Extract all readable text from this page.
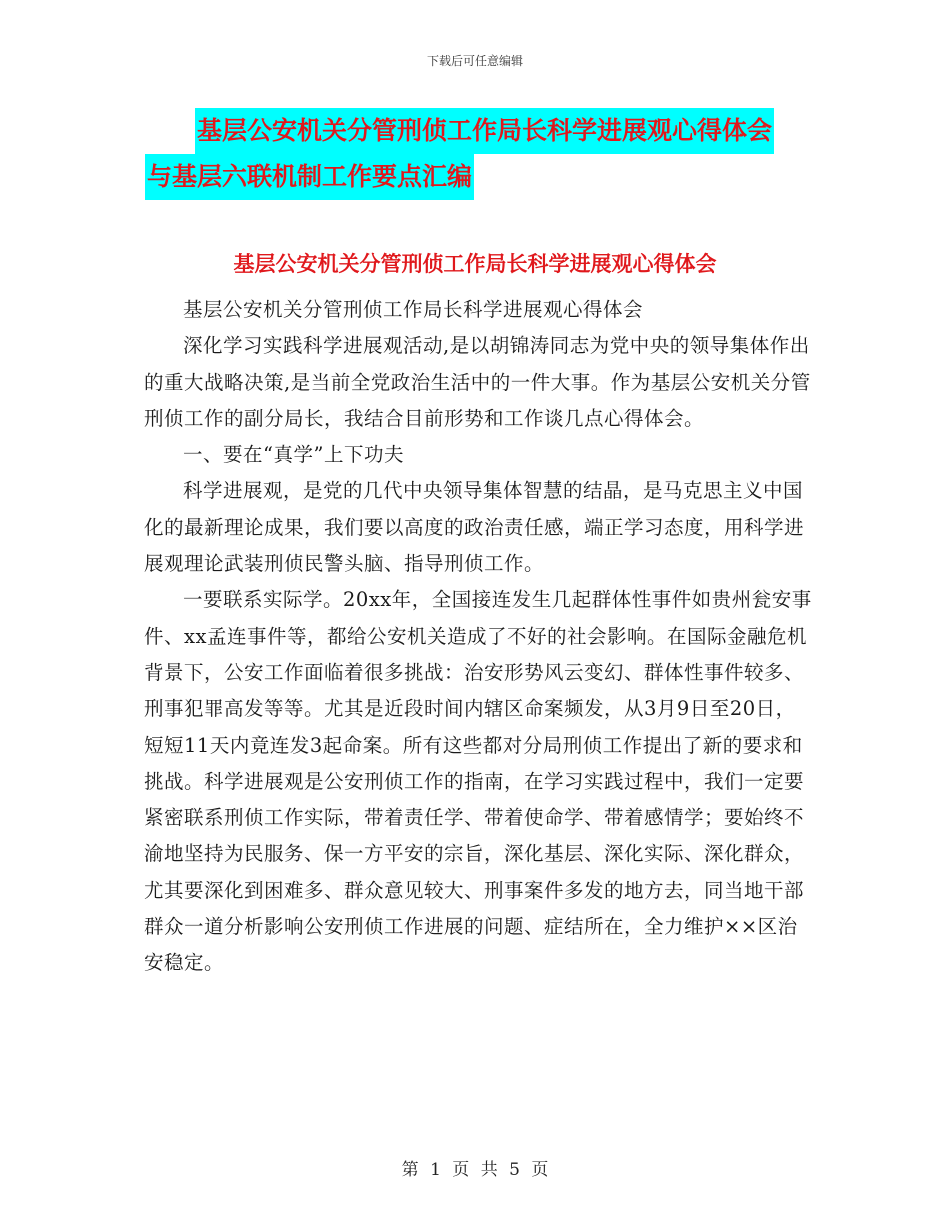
下载后可任意编辑
基层公安机关分管刑侦工作局长科学进展观心得体会
与基层六联机制工作要点汇编
基层公安机关分管刑侦工作局长科学进展观心得体会

基层公安机关分管刑侦工作局长科学进展观心得体会

深化学习实践科学进展观活动,是以胡锦涛同志为党中央的领导集体作出的重大战略决策,是当前全党政治生活中的一件大事。作为基层公安机关分管刑侦工作的副分局长，我结合目前形势和工作谈几点心得体会。

一、要在“真学”上下功夫

科学进展观，是党的几代中央领导集体智慧的结晶，是马克思主义中国化的最新理论成果，我们要以高度的政治责任感，端正学习态度，用科学进展观理论武装刑侦民警头脑、指导刑侦工作。

一要联系实际学。20xx年，全国接连发生几起群体性事件如贵州瓮安事件、xx孟连事件等，都给公安机关造成了不好的社会影响。在国际金融危机背景下，公安工作面临着很多挑战：治安形势风云变幻、群体性事件较多、刑事犯罪高发等等。尤其是近段时间内辖区命案频发，从3月9日至20日，短短11天内竟连发3起命案。所有这些都对分局刑侦工作提出了新的要求和挑战。科学进展观是公安刑侦工作的指南，在学习实践过程中，我们一定要紧密联系刑侦工作实际，带着责任学、带着使命学、带着感情学；要始终不渝地坚持为民服务、保一方平安的宗旨，深化基层、深化实际、深化群众，尤其要深化到困难多、群众意见较大、刑事案件多发的地方去，同当地干部群众一道分析影响公安刑侦工作进展的问题、症结所在，全力维护××区治安稳定。

第 1 页 共 5 页
